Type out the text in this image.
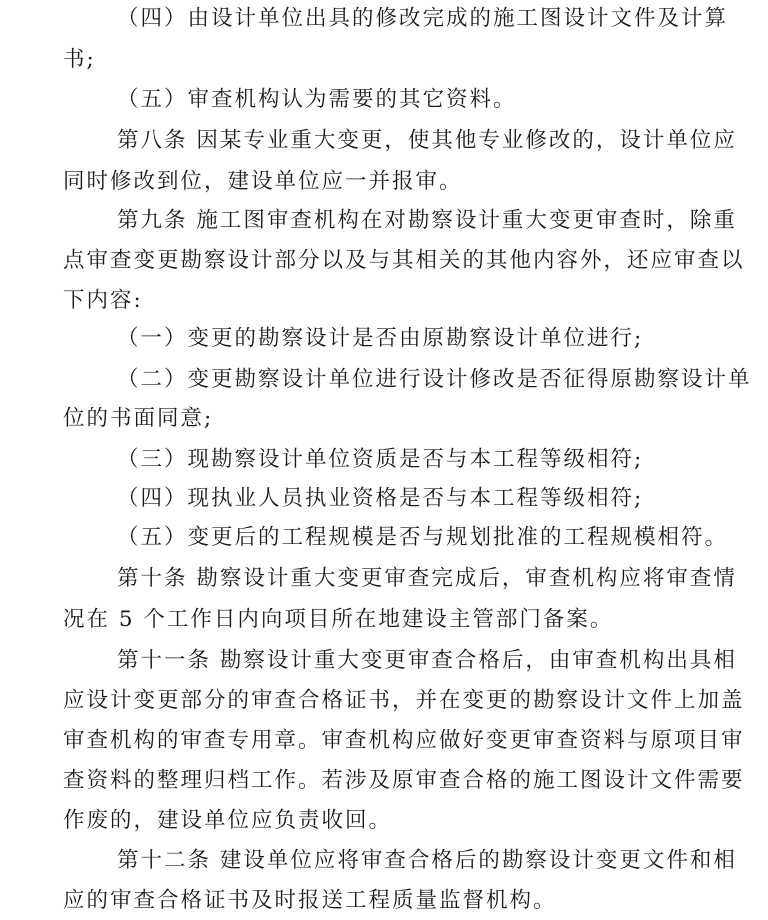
（四）由设计单位出具的修改完成的施工图设计文件及计算
书;
（五）审查机构认为需要的其它资料。
第八条 因某专业重大变更，使其他专业修改的，设计单位应
同时修改到位，建设单位应一并报审。
第九条 施工图审查机构在对勘察设计重大变更审查时，除重
点审查变更勘察设计部分以及与其相关的其他内容外，还应审查以
下内容:
（一）变更的勘察设计是否由原勘察设计单位进行;
（二）变更勘察设计单位进行设计修改是否征得原勘察设计单
位的书面同意;
（三）现勘察设计单位资质是否与本工程等级相符;
（四）现执业人员执业资格是否与本工程等级相符;
（五）变更后的工程规模是否与规划批准的工程规模相符。
第十条 勘察设计重大变更审查完成后，审查机构应将审查情
况在 5 个工作日内向项目所在地建设主管部门备案。
第十一条 勘察设计重大变更审查合格后，由审查机构出具相
应设计变更部分的审查合格证书，并在变更的勘察设计文件上加盖
审查机构的审查专用章。审查机构应做好变更审查资料与原项目审
查资料的整理归档工作。若涉及原审查合格的施工图设计文件需要
作废的，建设单位应负责收回。
第十二条 建设单位应将审查合格后的勘察设计变更文件和相
应的审查合格证书及时报送工程质量监督机构。
